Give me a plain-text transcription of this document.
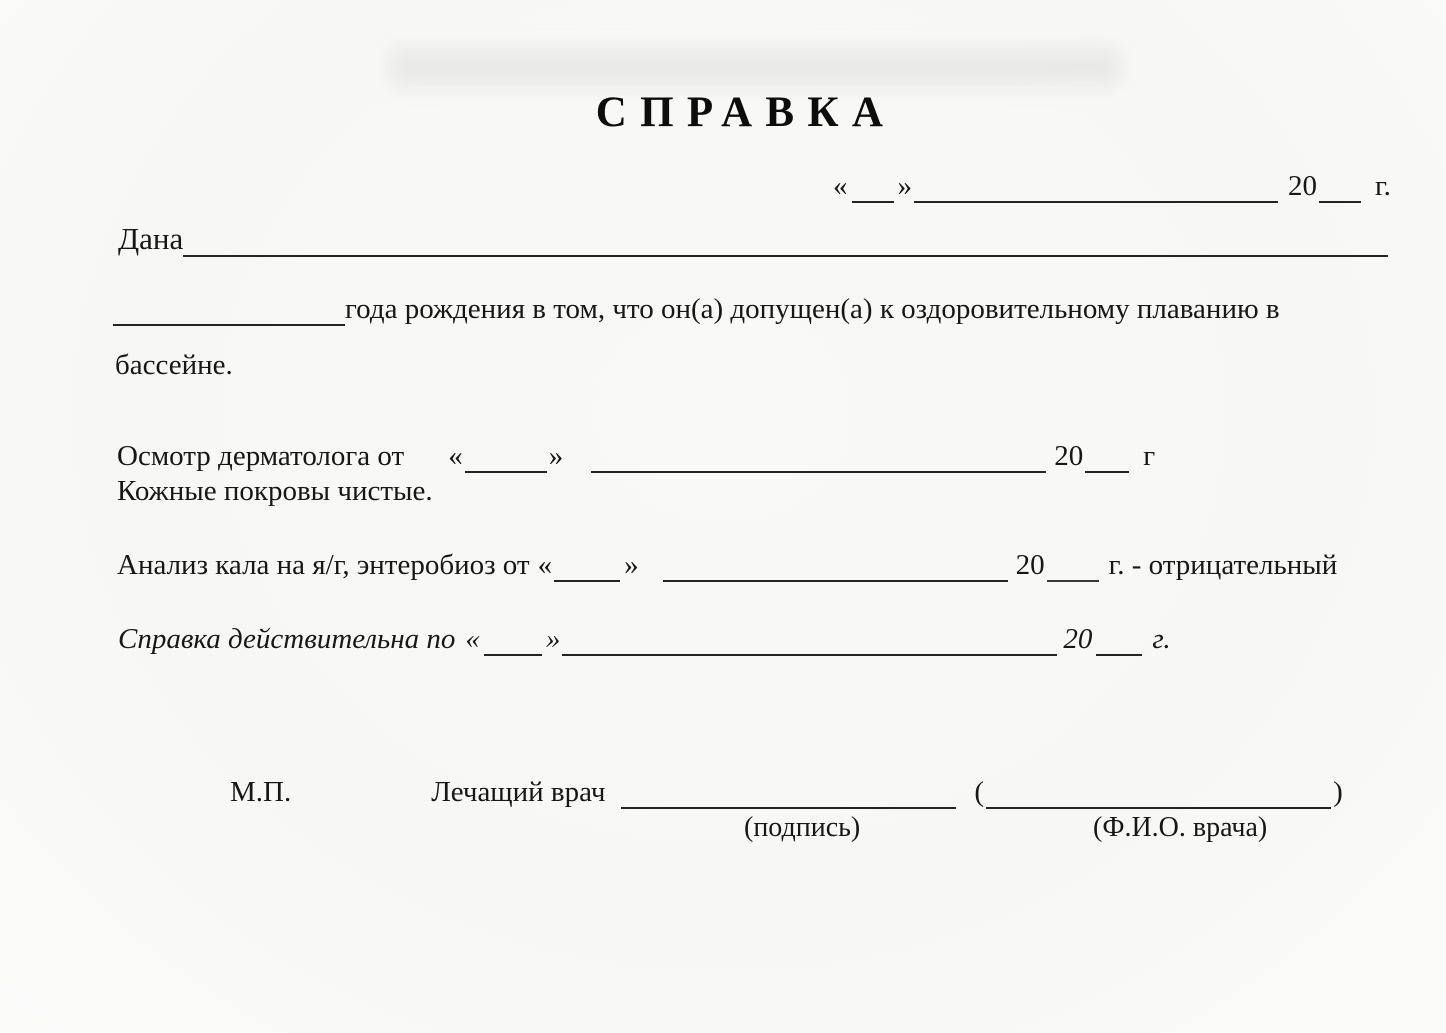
СПРАВКА
« »	20 г.
Дана
года рождения в том, что он(а) допущен(а) к оздоровительному плаванию в
бассейне.
Осмотр дерматолога от «	»	20 г
Кожные покровы чистые.
Анализ кала на я/г, энтеробиоз от « »	20 г. - отрицательный
Справка действительна по « »	20 г.
М.П.	Лечащий врач	(	)
(подпись)	(Ф.И.О. врача)
